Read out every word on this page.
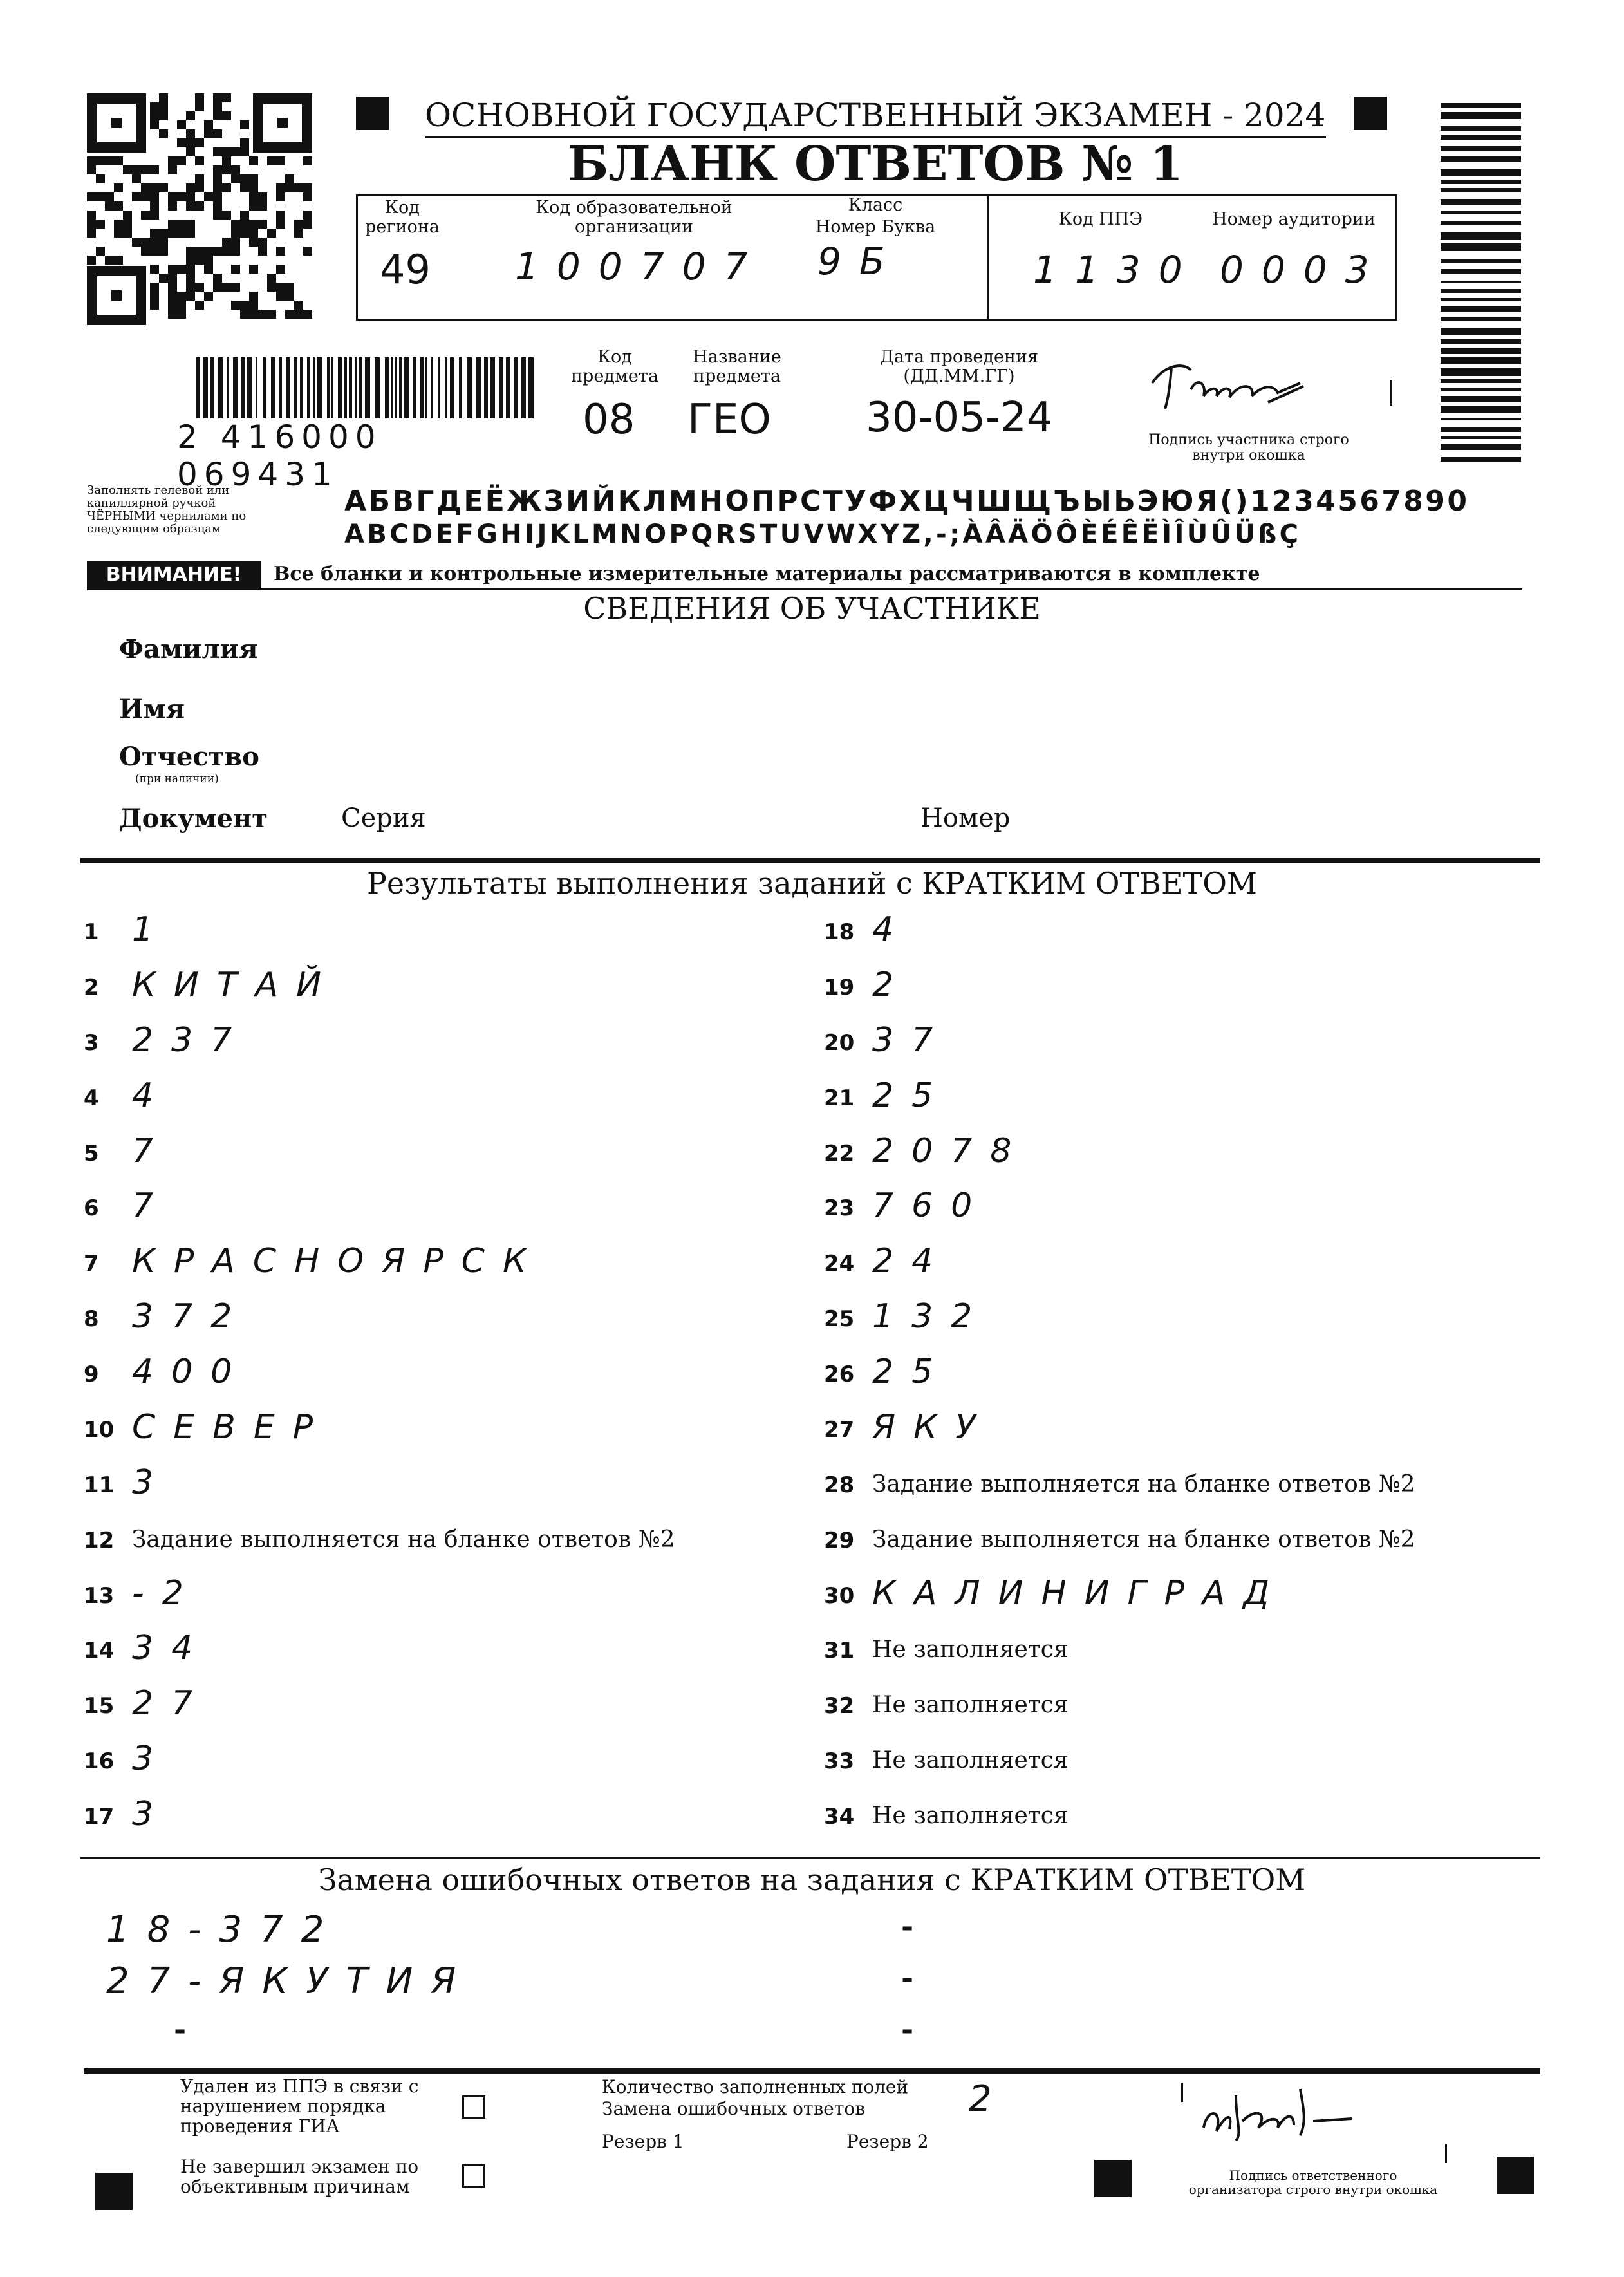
ОСНОВНОЙ ГОСУДАРСТВЕННЫЙ ЭКЗАМЕН - 2024
БЛАНК ОТВЕТОВ № 1
Код региона
49
Код образовательной организации
100707
Класс
Номер Буква
9Б
Код ППЭ
1130
Номер аудитории
0003
2 416000 069431
Код предмета
08
Название предмета
ГЕО
Дата проведения (ДД.ММ.ГГ)
30-05-24	Подпись участника строго внутри окошка
Заполнять гелевой или капиллярной ручкой ЧЁРНЫМИ чернилами по следующим образцам
АБВГДЕЁЖЗИЙКЛМНОПРСТУФХЦЧШЩЪЫЬЭЮЯ()1234567890
ABCDEFGHIJKLMNOPQRSTUVWXYZ,-;ÀÂÄÖÔÈÉÊËÌÎÙÛÜßÇ
ВНИМАНИЕ!	Все бланки и контрольные измерительные материалы рассматриваются в комплекте
СВЕДЕНИЯ ОБ УЧАСТНИКЕ
Фамилия
Имя
Отчество
(при наличии)
Документ	Серия	Номер
Результаты выполнения заданий с КРАТКИМ ОТВЕТОМ
1 1
2 КИТАЙ
3 237
4 4
5 7
6 7
7 КРАСНОЯРСК
8 372
9 400
10 СЕВЕР
11 3
12 Задание выполняется на бланке ответов №2
13 -2
14 34
15 27
16 3
17 3
18 4
19 2
20 37
21 25
22 2078
23 760
24 24
25 132
26 25
27 ЯКУ
28 Задание выполняется на бланке ответов №2
29 Задание выполняется на бланке ответов №2
30 КАЛИНИГРАД
31 Не заполняется
32 Не заполняется
33 Не заполняется
34 Не заполняется
Замена ошибочных ответов на задания с КРАТКИМ ОТВЕТОМ
18-372
27-ЯКУТИЯ
-
-
-
-
Удален из ППЭ в связи с нарушением порядка проведения ГИА
Не завершил экзамен по объективным причинам
Количество заполненных полей Замена ошибочных ответов	2
Резерв 1	Резерв 2
Подпись ответственного организатора строго внутри окошка
